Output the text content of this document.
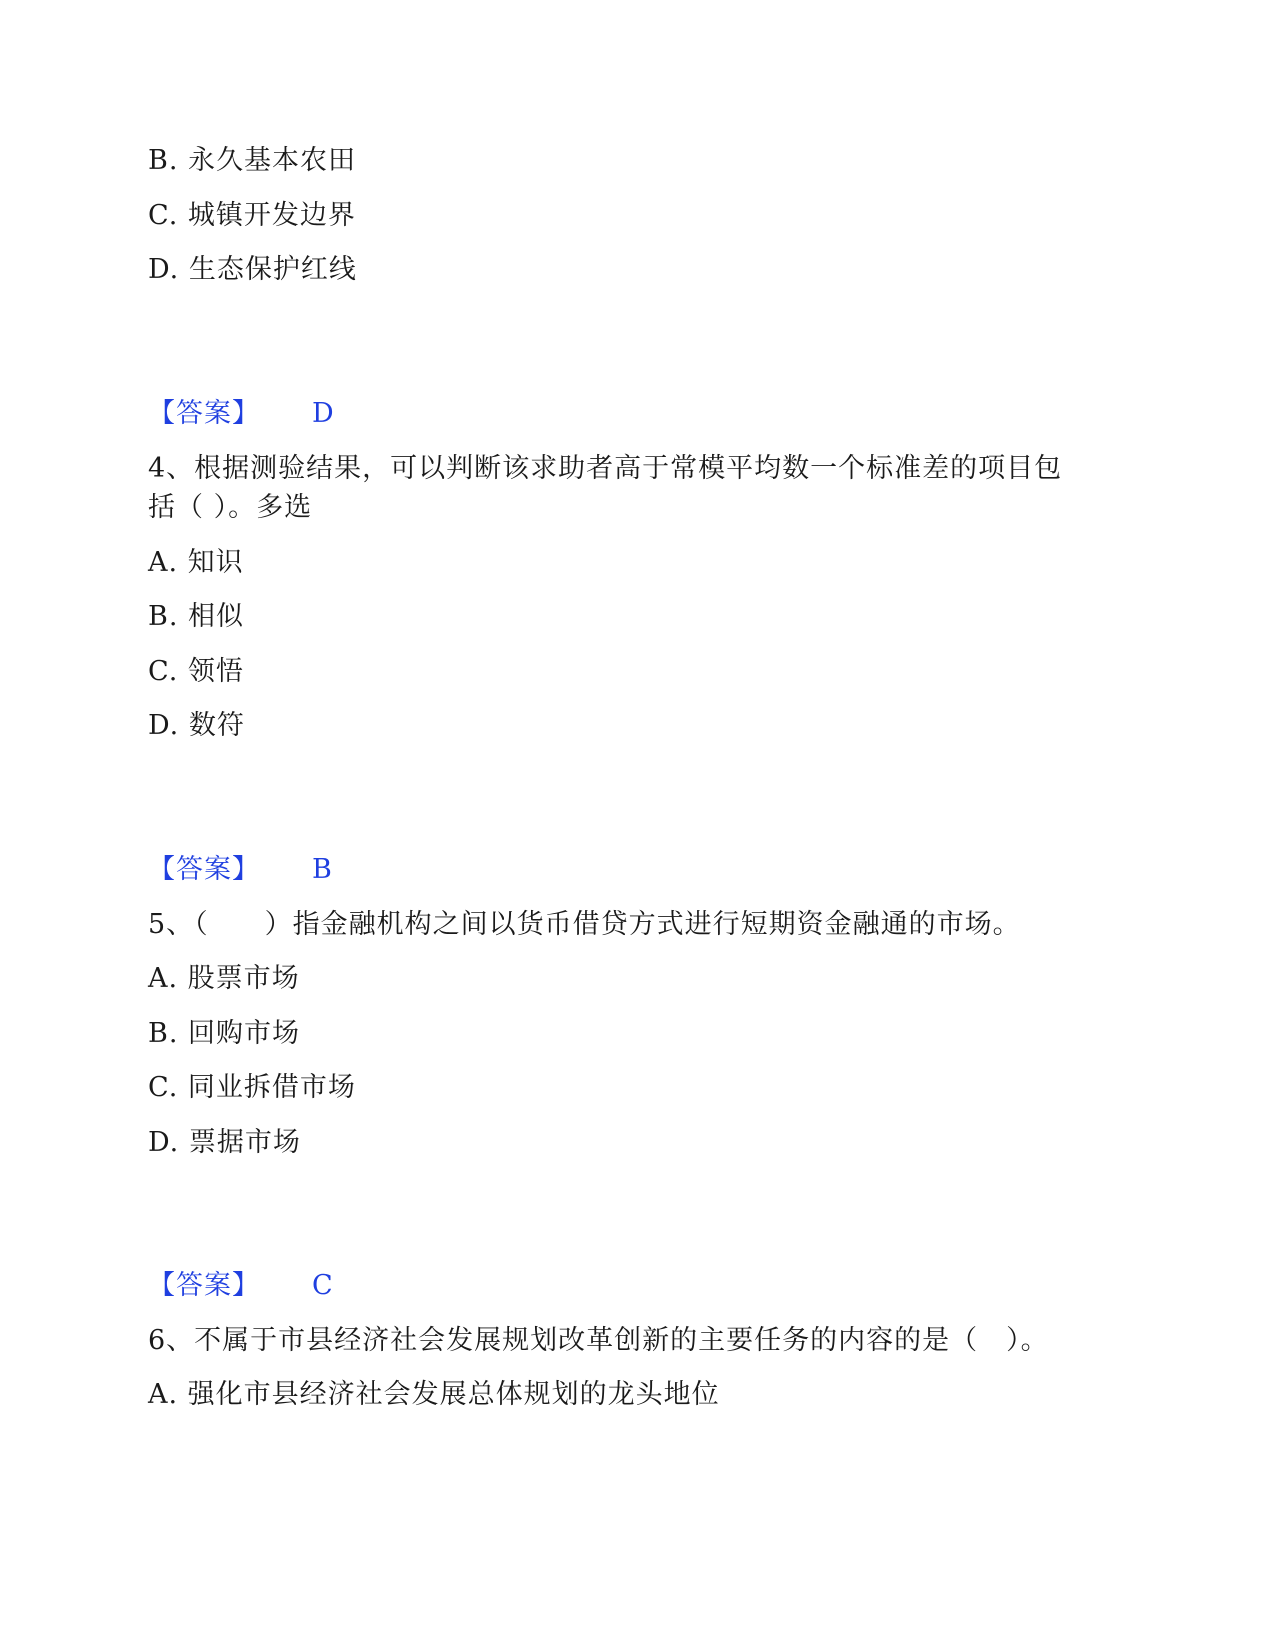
B. 永久基本农田
C. 城镇开发边界
D. 生态保护红线
【答案】 D
4、根据测验结果，可以判断该求助者高于常模平均数一个标准差的项目包
括（ ）。多选
A. 知识
B. 相似
C. 领悟
D. 数符
【答案】 B
5、（　　）指金融机构之间以货币借贷方式进行短期资金融通的市场。
A. 股票市场
B. 回购市场
C. 同业拆借市场
D. 票据市场
【答案】 C
6、不属于市县经济社会发展规划改革创新的主要任务的内容的是（　）。
A. 强化市县经济社会发展总体规划的龙头地位
